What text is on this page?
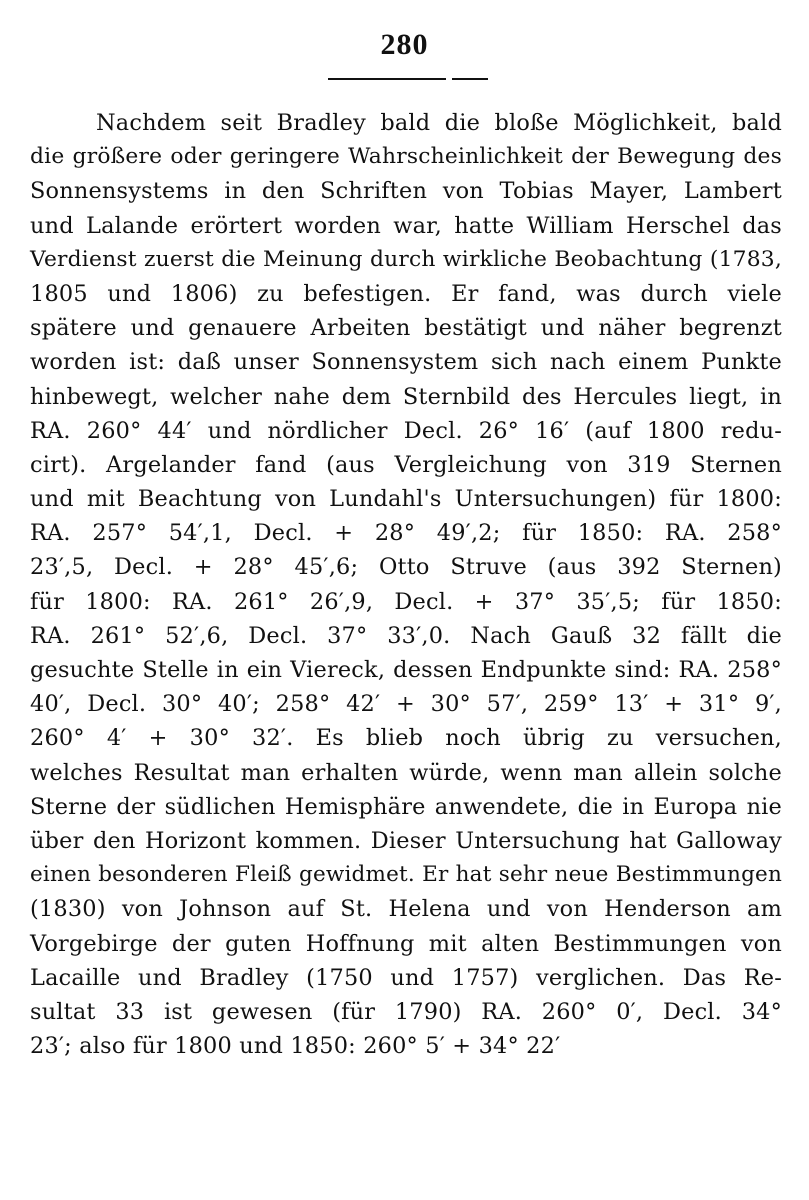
280
Nachdem seit Bradley bald die bloße Möglichkeit, bald
die größere oder geringere Wahrscheinlichkeit der Bewegung des
Sonnensystems in den Schriften von Tobias Mayer, Lambert
und Lalande erörtert worden war, hatte William Herschel das
Verdienst zuerst die Meinung durch wirkliche Beobachtung (1783,
1805 und 1806) zu befestigen. Er fand, was durch viele
spätere und genauere Arbeiten bestätigt und näher begrenzt
worden ist: daß unser Sonnensystem sich nach einem Punkte
hinbewegt, welcher nahe dem Sternbild des Hercules liegt, in
RA. 260° 44′ und nördlicher Decl. 26° 16′ (auf 1800 redu-
cirt). Argelander fand (aus Vergleichung von 319 Sternen
und mit Beachtung von Lundahl's Untersuchungen) für 1800:
RA. 257° 54′,1, Decl. + 28° 49′,2; für 1850: RA. 258°
23′,5, Decl. + 28° 45′,6; Otto Struve (aus 392 Sternen)
für 1800: RA. 261° 26′,9, Decl. + 37° 35′,5; für 1850:
RA. 261° 52′,6, Decl. 37° 33′,0. Nach Gauß 32 fällt die
gesuchte Stelle in ein Viereck, dessen Endpunkte sind: RA. 258°
40′, Decl. 30° 40′; 258° 42′ + 30° 57′, 259° 13′ + 31° 9′,
260° 4′ + 30° 32′. Es blieb noch übrig zu versuchen,
welches Resultat man erhalten würde, wenn man allein solche
Sterne der südlichen Hemisphäre anwendete, die in Europa nie
über den Horizont kommen. Dieser Untersuchung hat Galloway
einen besonderen Fleiß gewidmet. Er hat sehr neue Bestimmungen
(1830) von Johnson auf St. Helena und von Henderson am
Vorgebirge der guten Hoffnung mit alten Bestimmungen von
Lacaille und Bradley (1750 und 1757) verglichen. Das Re-
sultat 33 ist gewesen (für 1790) RA. 260° 0′, Decl. 34°
23′; also für 1800 und 1850: 260° 5′ + 34° 22′
